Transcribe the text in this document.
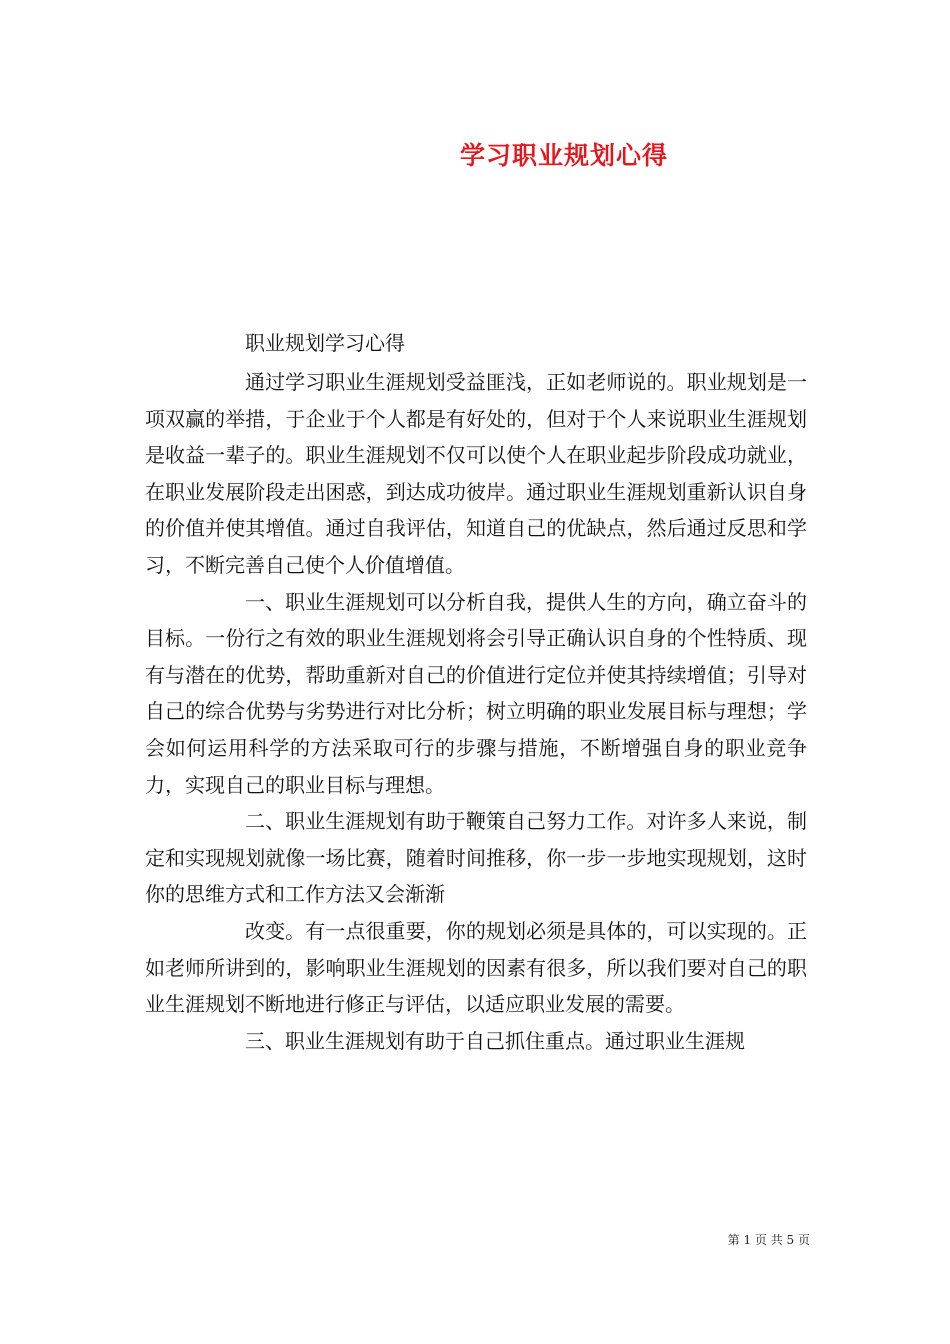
学习职业规划心得

职业规划学习心得

通过学习职业生涯规划受益匪浅，正如老师说的。职业规划是一项双赢的举措，于企业于个人都是有好处的，但对于个人来说职业生涯规划是收益一辈子的。职业生涯规划不仅可以使个人在职业起步阶段成功就业，在职业发展阶段走出困惑，到达成功彼岸。通过职业生涯规划重新认识自身的价值并使其增值。通过自我评估，知道自己的优缺点，然后通过反思和学习，不断完善自己使个人价值增值。

一、职业生涯规划可以分析自我，提供人生的方向，确立奋斗的目标。一份行之有效的职业生涯规划将会引导正确认识自身的个性特质、现有与潜在的优势，帮助重新对自己的价值进行定位并使其持续增值；引导对自己的综合优势与劣势进行对比分析；树立明确的职业发展目标与理想；学会如何运用科学的方法采取可行的步骤与措施，不断增强自身的职业竞争力，实现自己的职业目标与理想。

二、职业生涯规划有助于鞭策自己努力工作。对许多人来说，制定和实现规划就像一场比赛，随着时间推移，你一步一步地实现规划，这时你的思维方式和工作方法又会渐渐

改变。有一点很重要，你的规划必须是具体的，可以实现的。正如老师所讲到的，影响职业生涯规划的因素有很多，所以我们要对自己的职业生涯规划不断地进行修正与评估，以适应职业发展的需要。

三、职业生涯规划有助于自己抓住重点。通过职业生涯规

第 1 页 共 5 页
